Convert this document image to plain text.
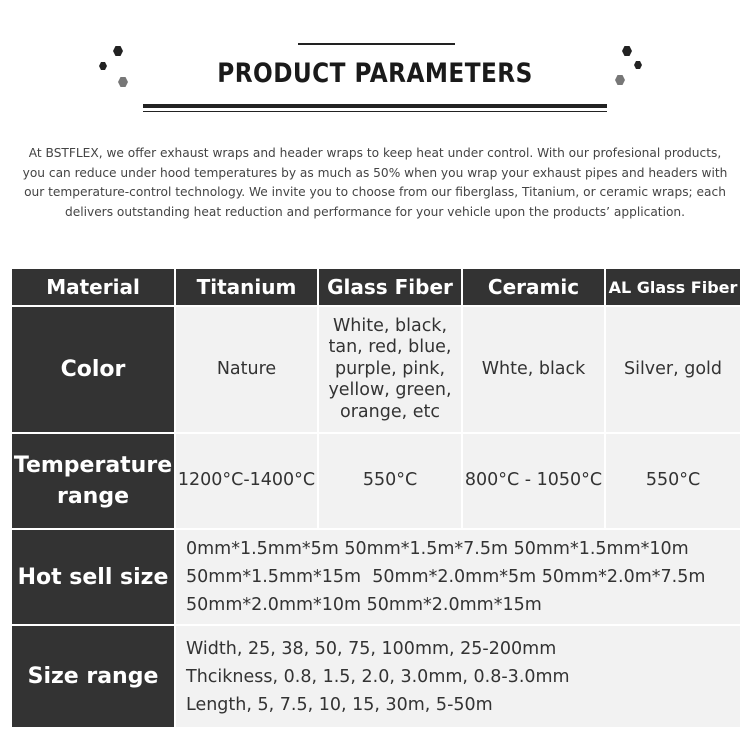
PRODUCT PARAMETERS
At BSTFLEX, we offer exhaust wraps and header wraps to keep heat under control. With our profesional products, you can reduce under hood temperatures by as much as 50% when you wrap your exhaust pipes and headers with our temperature-control technology. We invite you to choose from our fiberglass, Titanium, or ceramic wraps; each delivers outstanding heat reduction and performance for your vehicle upon the products’ application.
Material	Titanium	Glass Fiber	Ceramic	AL Glass Fiber
Color	Nature	White, black, tan, red, blue, purple, pink, yellow, green, orange, etc	Whte, black	Silver, gold
Temperature range	1200°C-1400°C	550°C	800°C - 1050°C	550°C
Hot sell size	0mm*1.5mm*5m 50mm*1.5m*7.5m 50mm*1.5mm*10m
50mm*1.5mm*15m  50mm*2.0mm*5m 50mm*2.0m*7.5m
50mm*2.0mm*10m 50mm*2.0mm*15m			

Size range	Width, 25, 38, 50, 75, 100mm, 25-200mm
Thcikness, 0.8, 1.5, 2.0, 3.0mm, 0.8-3.0mm
Length, 5, 7.5, 10, 15, 30m, 5-50m			
